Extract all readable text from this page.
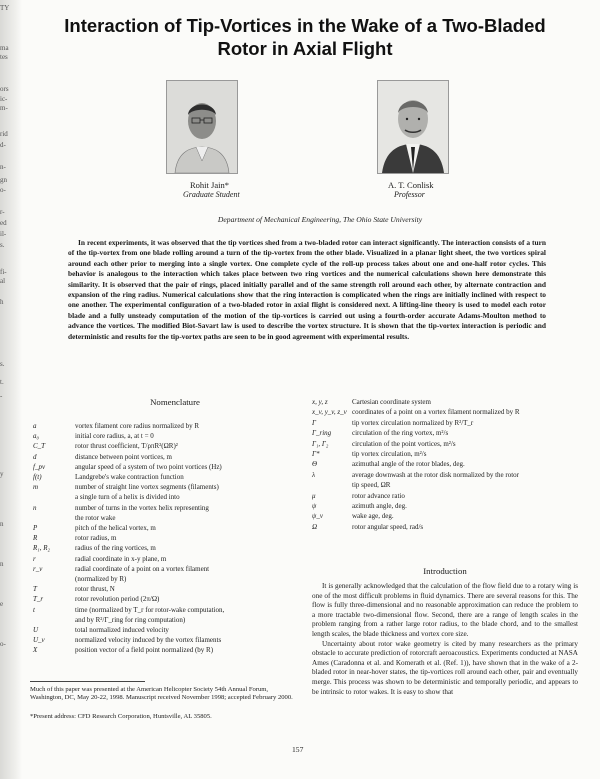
TY
ma
tes
ors
ic-
m-
rid
d-
n-
gn
o-
r-
ed
il-
s.
fi-
al
h
s.
t.
-
y
n
n
e
o-
Interaction of Tip-Vortices in the Wake of a Two-Bladed Rotor in Axial Flight
Rohit Jain*
Graduate Student
A. T. Conlisk
Professor
Department of Mechanical Engineering, The Ohio State University
In recent experiments, it was observed that the tip vortices shed from a two-bladed rotor can interact significantly. The interaction consists of a turn of the tip-vortex from one blade rolling around a turn of the tip-vortex from the other blade. Visualized in a planar light sheet, the two vortices spiral around each other prior to merging into a single vortex. One complete cycle of the roll-up process takes about one and one-half rotor cycles. This behavior is analogous to the interaction which takes place between two ring vortices and the numerical calculations shown here demonstrate this similarity. It is observed that the pair of rings, placed initially parallel and of the same strength roll around each other, by alternate contraction and expansion of the ring radius. Numerical calculations show that the ring interaction is complicated when the rings are initially inclined with respect to one another. The experimental configuration of a two-bladed rotor in axial flight is considered next. A lifting-line theory is used to model each rotor blade and a fully unsteady computation of the motion of the tip-vortices is carried out using a fourth-order accurate Adams-Moulton method to advance the vortices. The modified Biot-Savart law is used to describe the vortex structure. It is shown that the tip-vortex interaction is periodic and deterministic and results for the tip-vortex paths are seen to be in good agreement with experimental results.
Nomenclature
a	vortex filament core radius normalized by R
a₀	initial core radius, a, at t = 0
C_T	rotor thrust coefficient, T/ρπR²(ΩR)²
d	distance between point vortices, m
f_pv	angular speed of a system of two point vortices (Hz)
f(t)	Landgrebe's wake contraction function
m	number of straight line vortex segments (filaments)
a single turn of a helix is divided into
n	number of turns in the vortex helix representing
the rotor wake
P	pitch of the helical vortex, m
R	rotor radius, m
R₁, R₂	radius of the ring vortices, m
r	radial coordinate in x-y plane, m
r_v	radial coordinate of a point on a vortex filament
(normalized by R)
T	rotor thrust, N
T_r	rotor revolution period (2π/Ω)
t	time (normalized by T_r for rotor-wake computation,
and by R²/Γ_ring for ring computation)
U	total normalized induced velocity
U_v	normalized velocity induced by the vortex filaments
X	position vector of a field point normalized (by R)
x, y, z	Cartesian coordinate system
x_v, y_v, z_v coordinates of a point on a vortex filament normalized by R
Γ	tip vortex circulation normalized by R²/T_r
Γ_ring	circulation of the ring vortex, m²/s
Γ₁, Γ₂	circulation of the point vortices, m²/s
Γ*	tip vortex circulation, m²/s
Θ	azimuthal angle of the rotor blades, deg.
λ	average downwash at the rotor disk normalized by the rotor
tip speed, ΩR
μ	rotor advance ratio
ψ	azimuth angle, deg.
ψ_v	wake age, deg.
Ω	rotor angular speed, rad/s
Introduction

It is generally acknowledged that the calculation of the flow field due to a rotary wing is one of the most difficult problems in fluid dynamics. There are several reasons for this. The flow is fully three-dimensional and no reasonable approximation can reduce the problem to a more tractable two-dimensional flow. Second, there are a range of length scales in the problem ranging from a rather large rotor radius, to the blade chord, and to the smallest length scales, the blade thickness and vortex core size.

Uncertainty about rotor wake geometry is cited by many researchers as the primary obstacle to accurate prediction of rotorcraft aeroacoustics. Experiments conducted at NASA Ames (Caradonna et al. and Komerath et al. (Ref. 1)), have shown that in the wake of a 2-bladed rotor in near-hover states, the tip-vortices roll around each other, pair and eventually merge. This process was shown to be deterministic and temporally periodic, and appears to be intrinsic to rotor wakes. It is easy to show that

Much of this paper was presented at the American Helicopter Society 54th Annual Forum, Washington, DC, May 20-22, 1998. Manuscript received November 1998; accepted February 2000.
*Present address: CFD Research Corporation, Huntsville, AL 35805.
157
